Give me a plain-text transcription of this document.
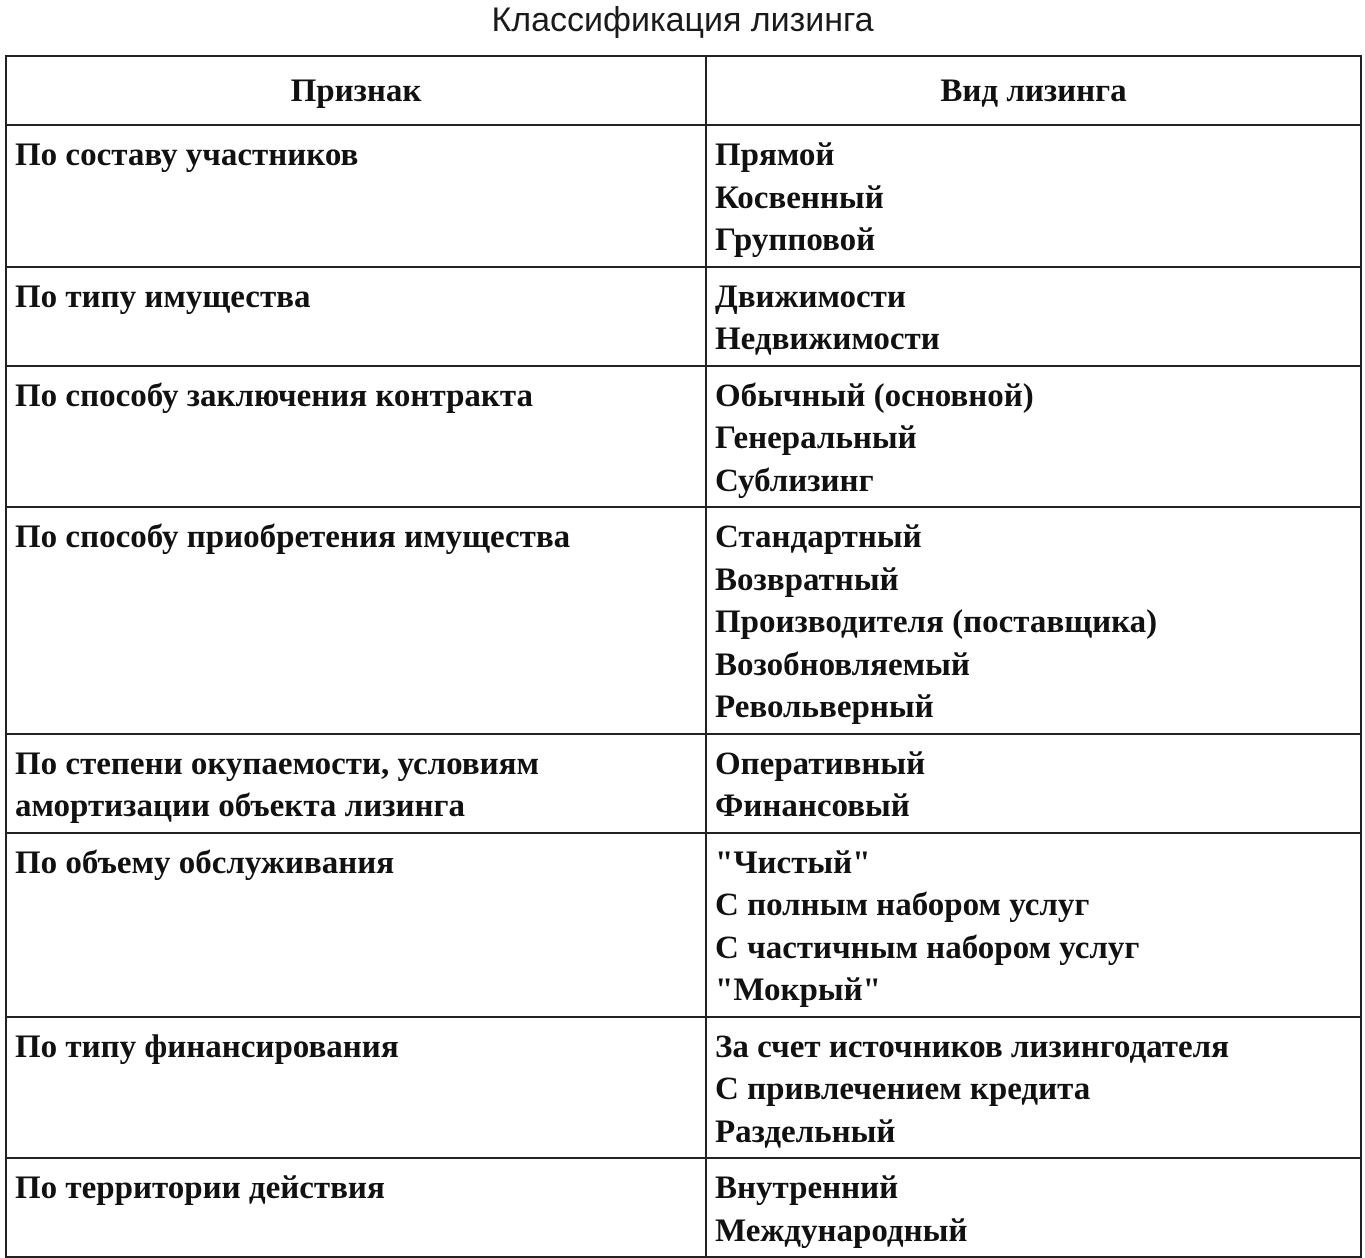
Классификация лизинга
Признак	Вид лизинга
По составу участников	Прямой
Косвенный
Групповой

По типу имущества	Движимости
Недвижимости

По способу заключения контракта	Обычный (основной)
Генеральный
Сублизинг

По способу приобретения имущества	Стандартный
Возвратный
Производителя (поставщика)
Возобновляемый
Револьверный

По степени окупаемости, условиям амортизации объекта лизинга	Оперативный
Финансовый

По объему обслуживания	"Чистый"
С полным набором услуг
С частичным набором услуг
"Мокрый"

По типу финансирования	За счет источников лизингодателя
С привлечением кредита
Раздельный

По территории действия	Внутренний
Международный
